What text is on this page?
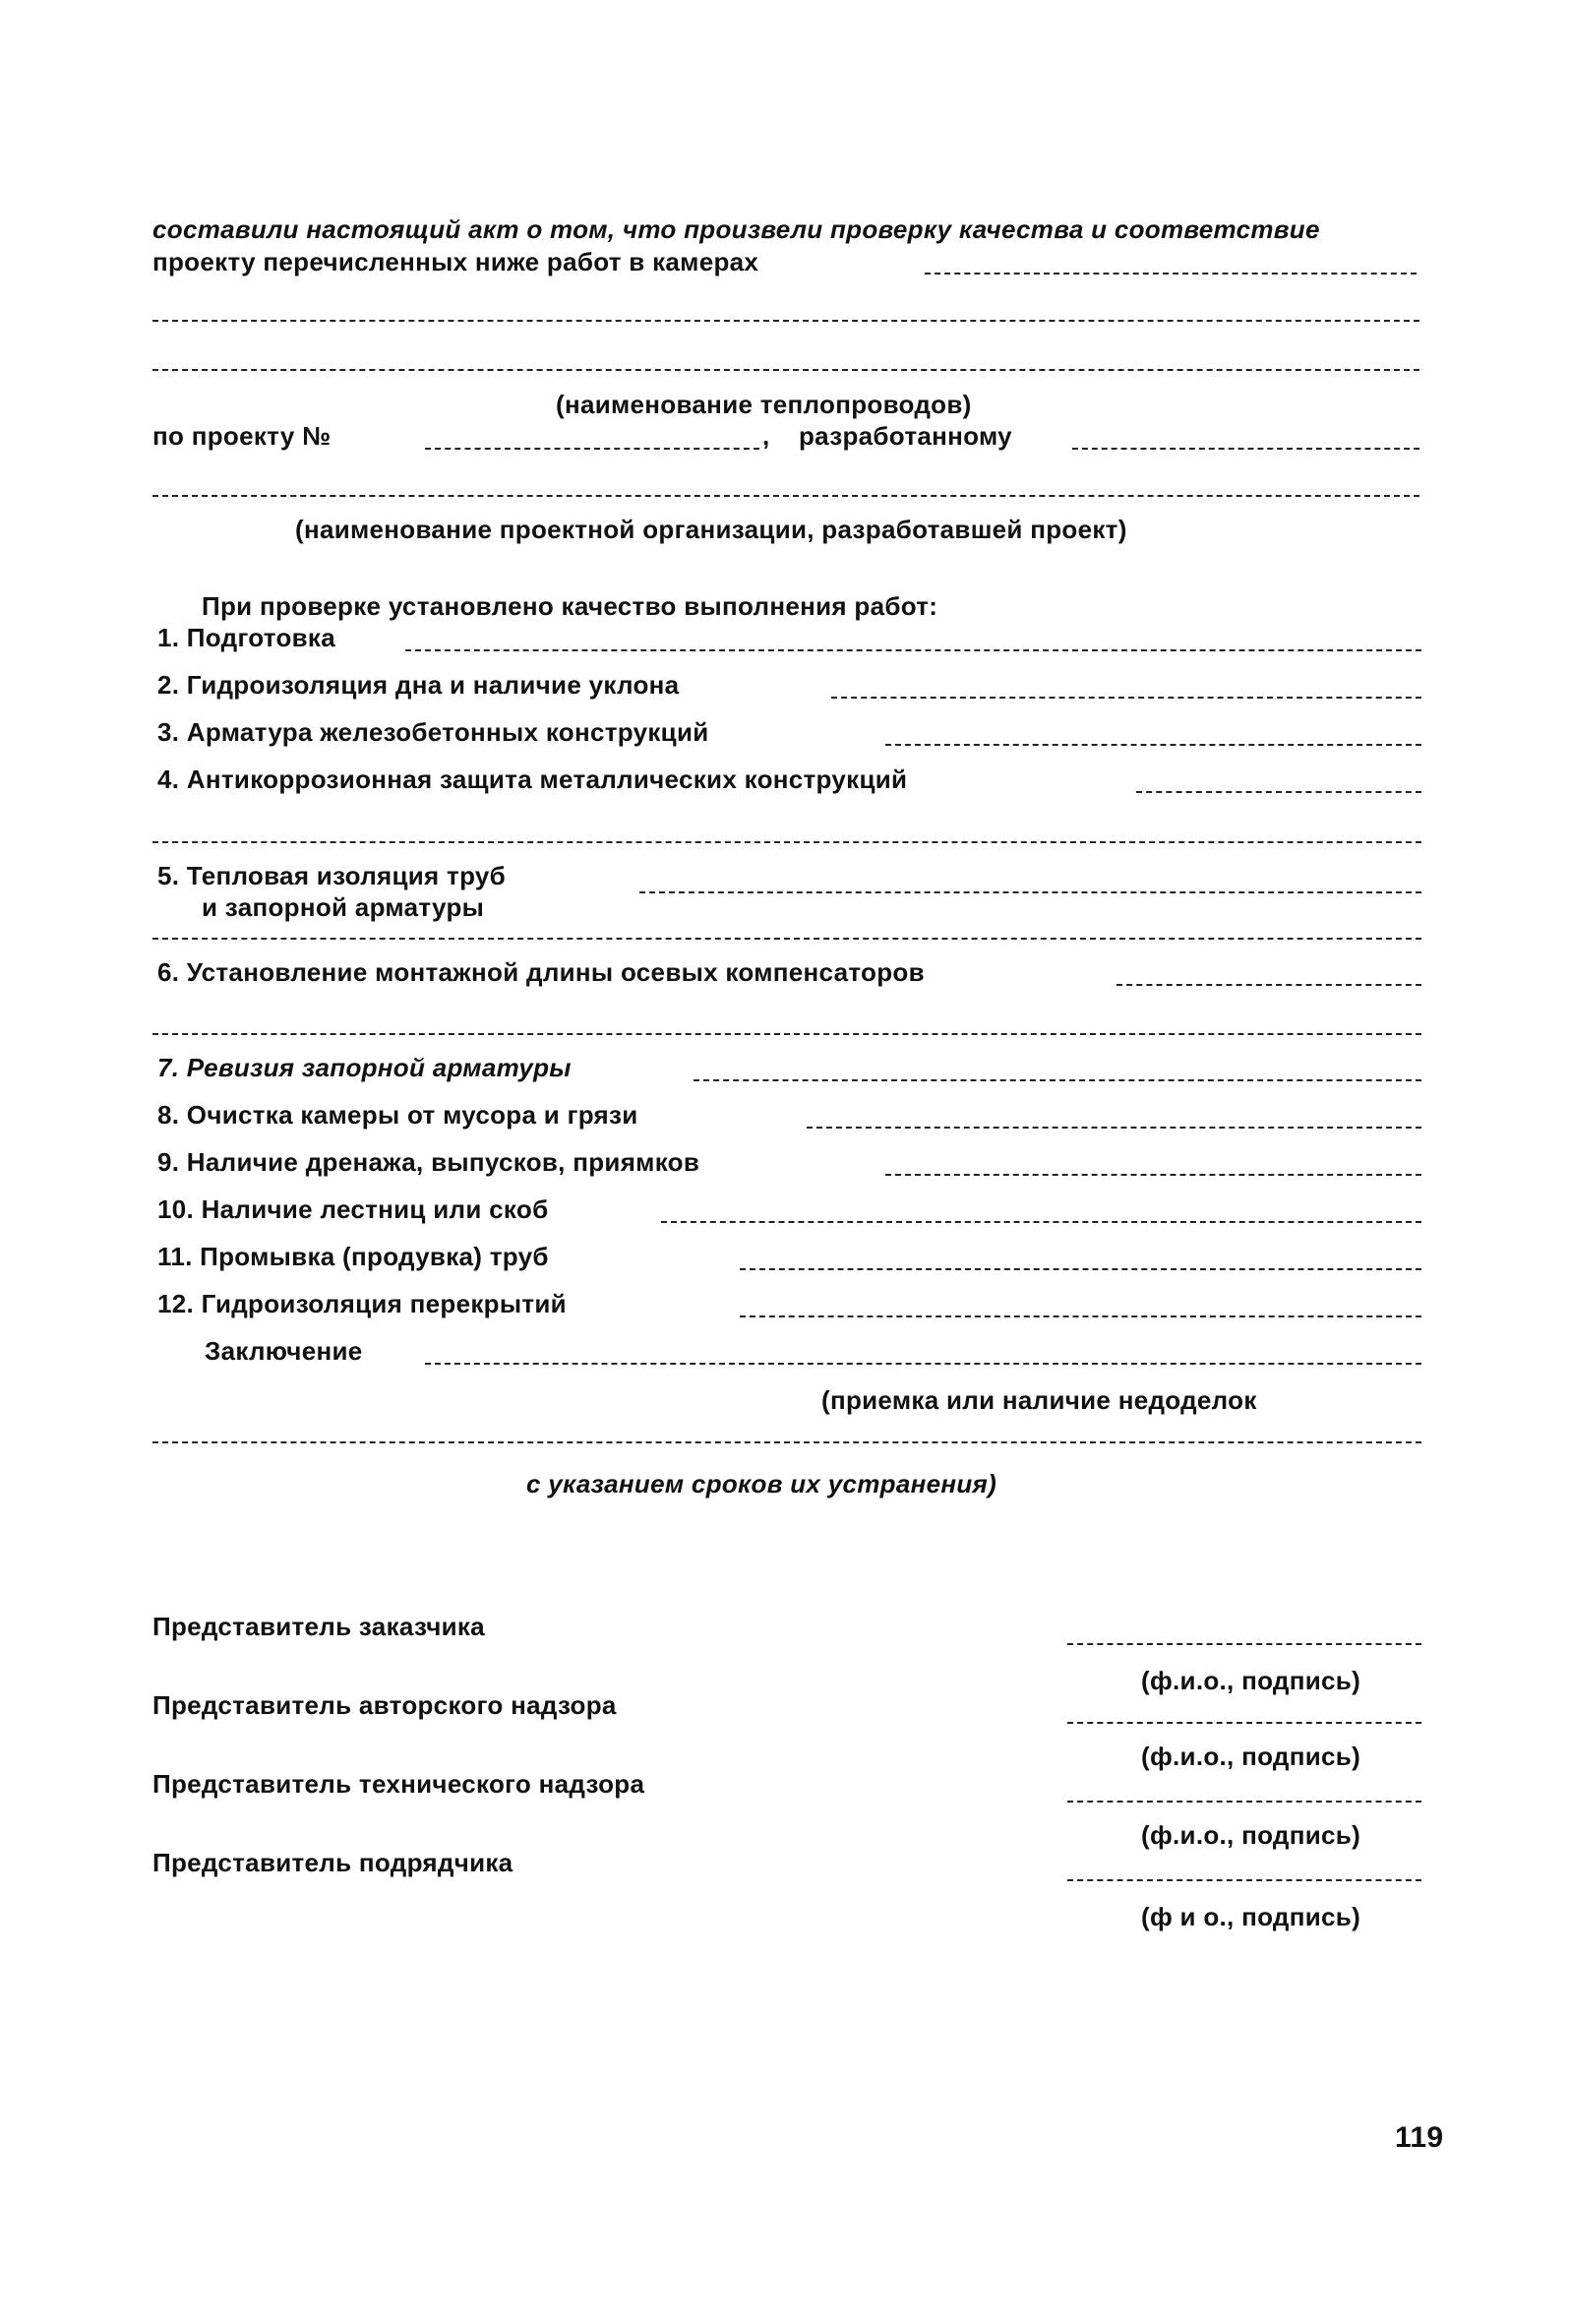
составили настоящий акт о том, что произвели проверку качества и соответствие
проекту перечисленных ниже работ в камерах
(наименование теплопроводов)
по проекту №	, разработанному
(наименование проектной организации, разработавшей проект)
При проверке установлено качество выполнения работ:
1. Подготовка
2. Гидроизоляция дна и наличие уклона
3. Арматура железобетонных конструкций
4. Антикоррозионная защита металлических конструкций
5. Тепловая изоляция труб
и запорной арматуры
6. Установление монтажной длины осевых компенсаторов
7. Ревизия запорной арматуры
8. Очистка камеры от мусора и грязи
9. Наличие дренажа, выпусков, приямков
10. Наличие лестниц или скоб
11. Промывка (продувка) труб
12. Гидроизоляция перекрытий
Заключение
(приемка или наличие недоделок
с указанием сроков их устранения)
Представитель заказчика
(ф.и.о., подпись)
Представитель авторского надзора
(ф.и.о., подпись)
Представитель технического надзора
(ф.и.о., подпись)
Представитель подрядчика
(ф и о., подпись)
119
